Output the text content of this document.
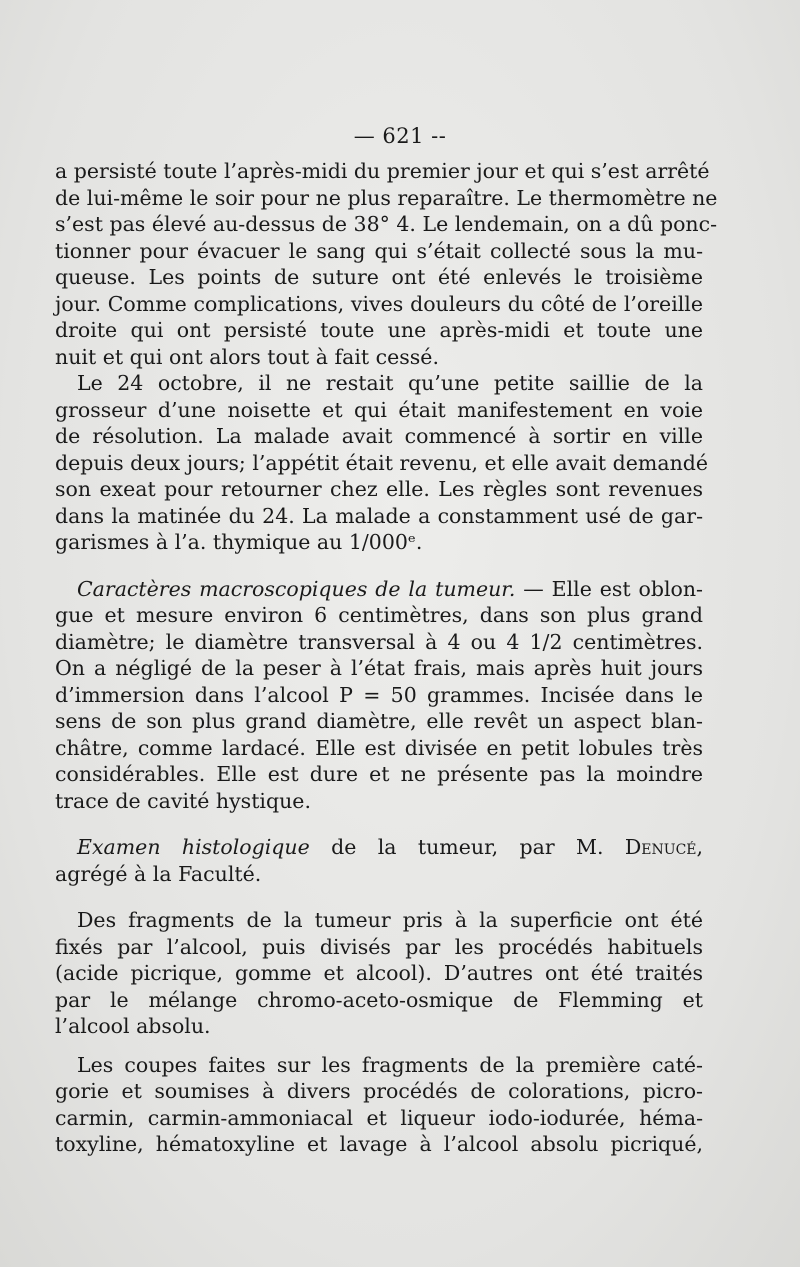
— 621 --
a persisté toute l’après-midi du premier jour et qui s’est arrêté
de lui-même le soir pour ne plus reparaître. Le thermomètre ne
s’est pas élevé au-dessus de 38° 4. Le lendemain, on a dû ponc-
tionner pour évacuer le sang qui s’était collecté sous la mu-
queuse. Les points de suture ont été enlevés le troisième
jour. Comme complications, vives douleurs du côté de l’oreille
droite qui ont persisté toute une après-midi et toute une
nuit et qui ont alors tout à fait cessé.
Le 24 octobre, il ne restait qu’une petite saillie de la
grosseur d’une noisette et qui était manifestement en voie
de résolution. La malade avait commencé à sortir en ville
depuis deux jours; l’appétit était revenu, et elle avait demandé
son exeat pour retourner chez elle. Les règles sont revenues
dans la matinée du 24. La malade a constamment usé de gar-
garismes à l’a. thymique au 1/000ᵉ.
Caractères macroscopiques de la tumeur. — Elle est oblon-
gue et mesure environ 6 centimètres, dans son plus grand
diamètre; le diamètre transversal à 4 ou 4 1/2 centimètres.
On a négligé de la peser à l’état frais, mais après huit jours
d’immersion dans l’alcool P = 50 grammes. Incisée dans le
sens de son plus grand diamètre, elle revêt un aspect blan-
châtre, comme lardacé. Elle est divisée en petit lobules très
considérables. Elle est dure et ne présente pas la moindre
trace de cavité hystique.
Examen histologique de la tumeur, par M. Denucé,
agrégé à la Faculté.
Des fragments de la tumeur pris à la superficie ont été
fixés par l’alcool, puis divisés par les procédés habituels
(acide picrique, gomme et alcool). D’autres ont été traités
par le mélange chromo-aceto-osmique de Flemming et
l’alcool absolu.
Les coupes faites sur les fragments de la première caté-
gorie et soumises à divers procédés de colorations, picro-
carmin, carmin-ammoniacal et liqueur iodo-iodurée, héma-
toxyline, hématoxyline et lavage à l’alcool absolu picriqué,
